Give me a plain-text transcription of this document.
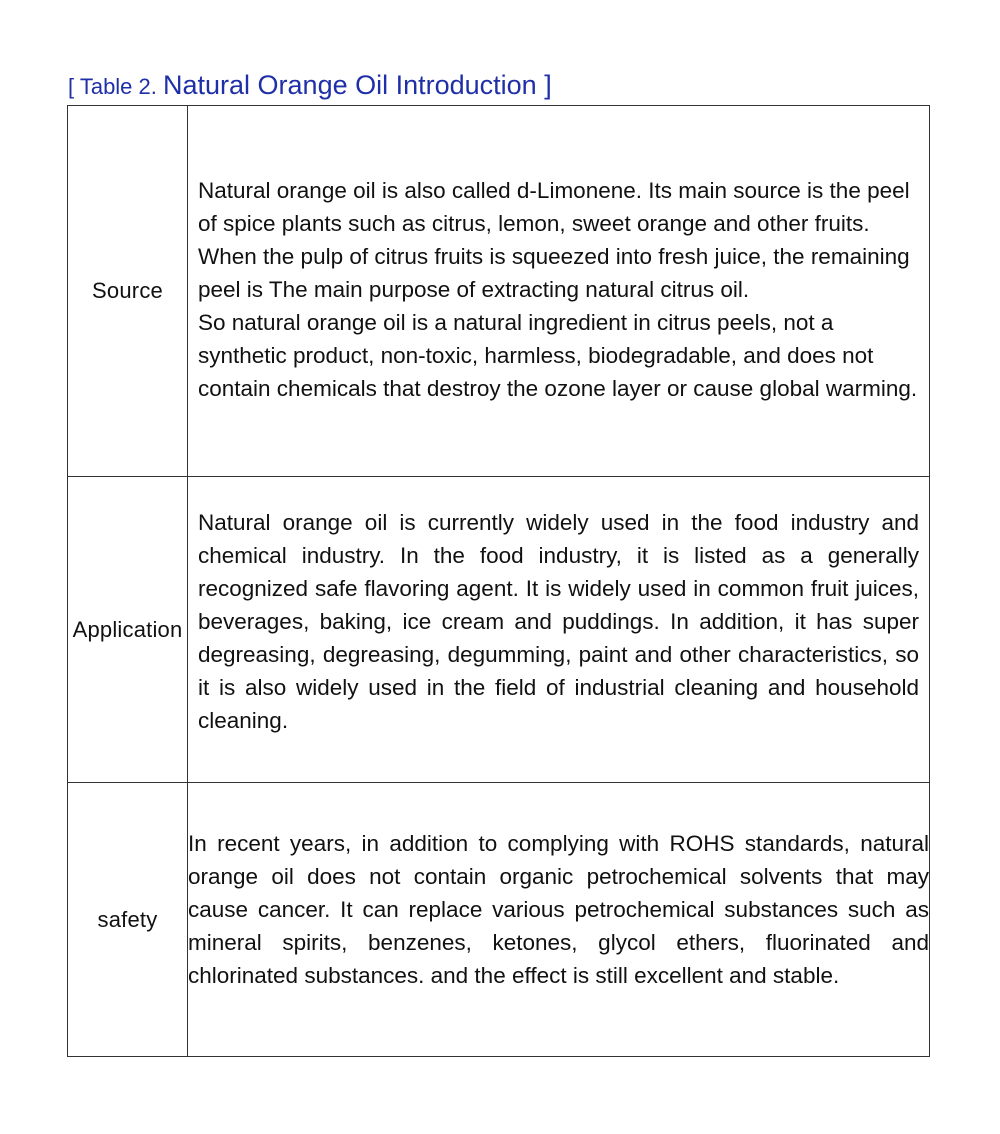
[ Table 2. Natural Orange Oil Introduction ]
Source	Natural orange oil is also called d-Limonene. Its main source is the peel of spice plants such as citrus, lemon, sweet orange and other fruits. When the pulp of citrus fruits is squeezed into fresh juice, the remaining peel is The main purpose of extracting natural citrus oil.
So natural orange oil is a natural ingredient in citrus peels, not a synthetic product, non-toxic, harmless, biodegradable, and does not contain chemicals that destroy the ozone layer or cause global warming.

Application	Natural orange oil is currently widely used in the food industry and chemical industry. In the food industry, it is listed as a generally recognized safe flavoring agent. It is widely used in common fruit juices, beverages, baking, ice cream and puddings. In addition, it has super degreasing, degreasing, degumming, paint and other characteristics, so it is also widely used in the field of industrial cleaning and household cleaning.

safety	In recent years, in addition to complying with ROHS standards, natural orange oil does not contain organic petrochemical solvents that may cause cancer. It can replace various petrochemical substances such as mineral spirits, benzenes, ketones, glycol ethers, fluorinated and chlorinated substances. and the effect is still excellent and stable.
